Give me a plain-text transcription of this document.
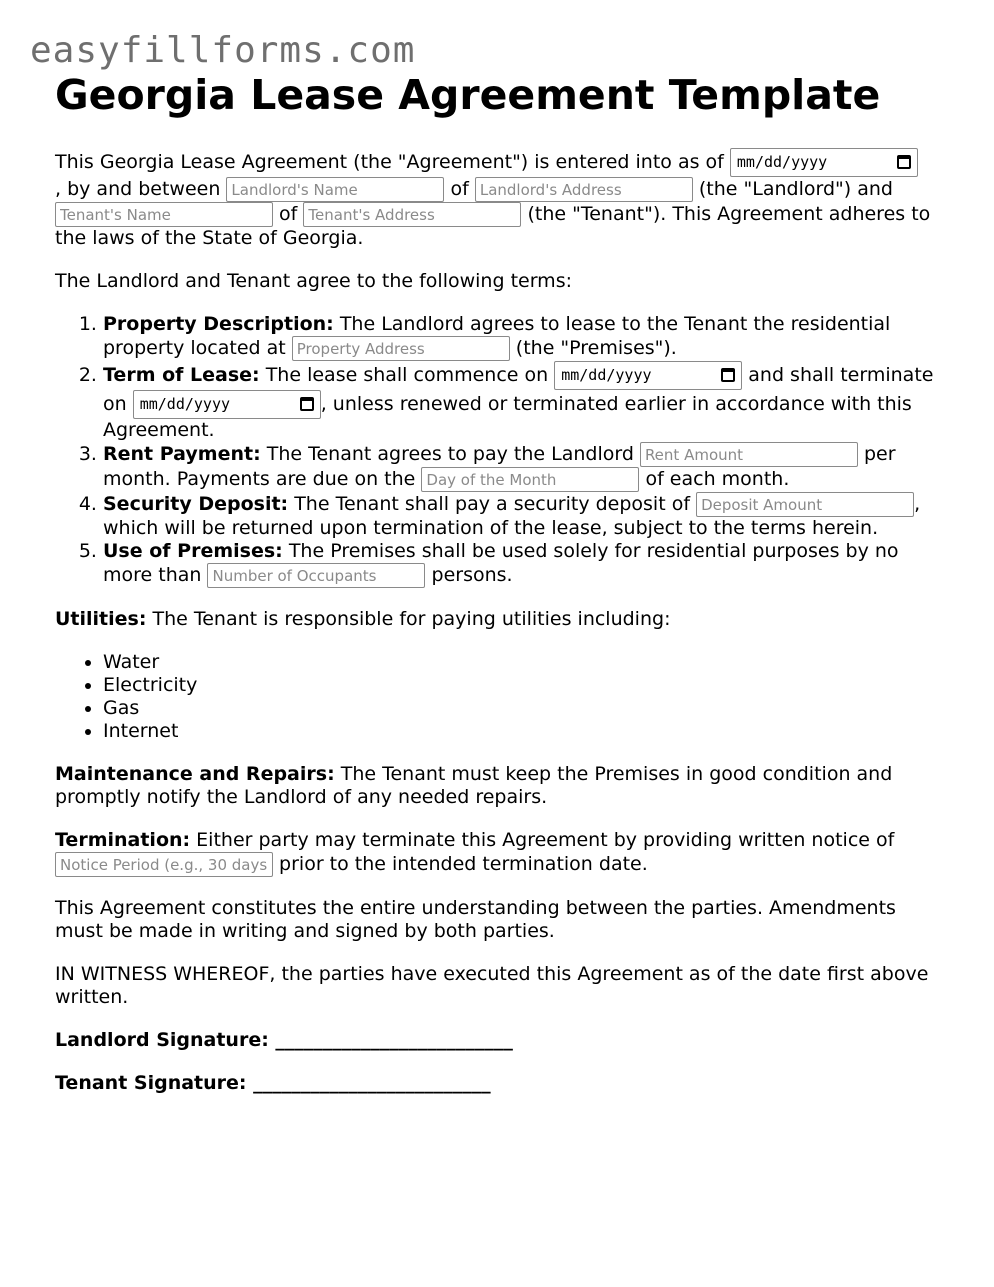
easyfillforms.com
Georgia Lease Agreement Template

This Georgia Lease Agreement (the "Agreement") is entered into as of mm/dd/yyyy

, by and between Landlord's Name	of Landlord's Address	(the "Landlord") and Tenant's Name of Tenant's Address	(the "Tenant"). This Agreement adheres to the laws of the State of Georgia.

The Landlord and Tenant agree to the following terms:

1. Property Description: The Landlord agrees to lease to the Tenant the residential property located at Property Address	(the "Premises").
2. Term of Lease: The lease shall commence on mm/dd/yyyy	and shall terminate on mm/dd/yyyy	, unless renewed or terminated earlier in accordance with this Agreement.
3. Rent Payment: The Tenant agrees to pay the Landlord Rent Amount	per month. Payments are due on the Day of the Month	of each month.
4. Security Deposit: The Tenant shall pay a security deposit of Deposit Amount	, which will be returned upon termination of the lease, subject to the terms herein.
5. Use of Premises: The Premises shall be used solely for residential purposes by no more than Number of Occupants	persons.

Utilities: The Tenant is responsible for paying utilities including:

• Water
• Electricity
• Gas
• Internet

Maintenance and Repairs: The Tenant must keep the Premises in good condition and promptly notify the Landlord of any needed repairs.

Termination: Either party may terminate this Agreement by providing written notice of Notice Period (e.g., 30 days) prior to the intended termination date.

This Agreement constitutes the entire understanding between the parties. Amendments must be made in writing and signed by both parties.

IN WITNESS WHEREOF, the parties have executed this Agreement as of the date first above written.

Landlord Signature: _________________________

Tenant Signature: _________________________
